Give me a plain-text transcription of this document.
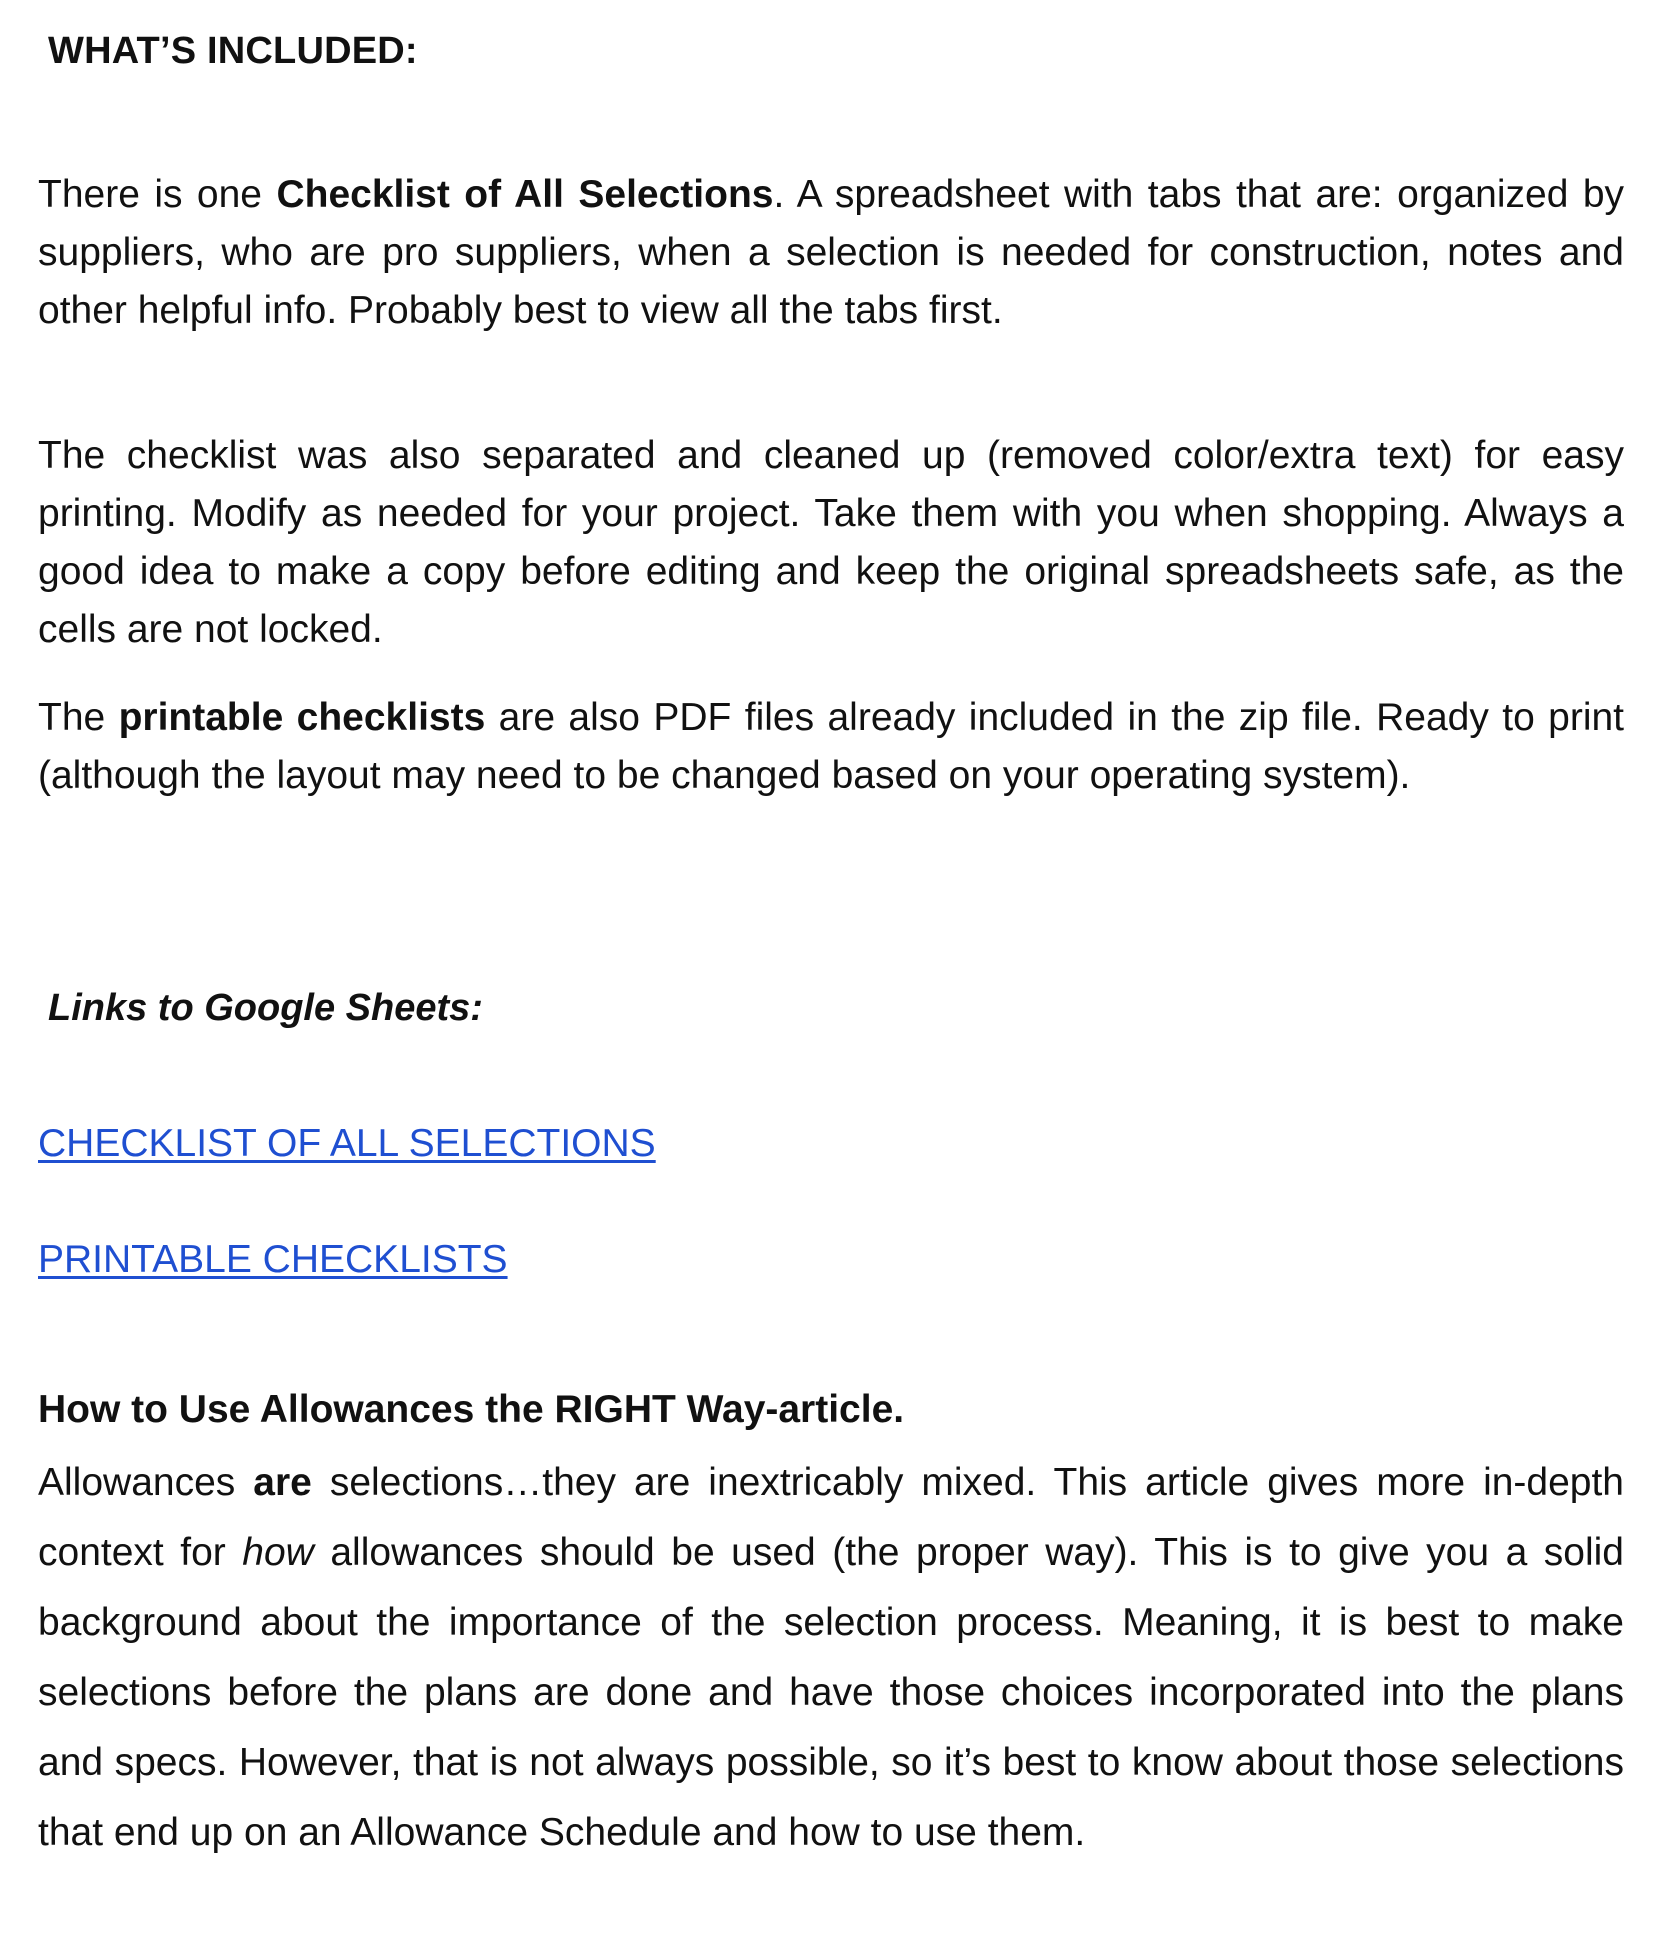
WHAT’S INCLUDED:

There is one Checklist of All Selections. A spreadsheet with tabs that are: organized by suppliers, who are pro suppliers, when a selection is needed for construction, notes and other helpful info. Probably best to view all the tabs first.

The checklist was also separated and cleaned up (removed color/extra text) for easy printing. Modify as needed for your project. Take them with you when shopping. Always a good idea to make a copy before editing and keep the original spreadsheets safe, as the cells are not locked.

The printable checklists are also PDF files already included in the zip file. Ready to print (although the layout may need to be changed based on your operating system).

Links to Google Sheets:
CHECKLIST OF ALL SELECTIONS
PRINTABLE CHECKLISTS
How to Use Allowances the RIGHT Way-article.

Allowances are selections…they are inextricably mixed. This article gives more in-depth context for how allowances should be used (the proper way). This is to give you a solid background about the importance of the selection process. Meaning, it is best to make selections before the plans are done and have those choices incorporated into the plans and specs. However, that is not always possible, so it’s best to know about those selections that end up on an Allowance Schedule and how to use them.
